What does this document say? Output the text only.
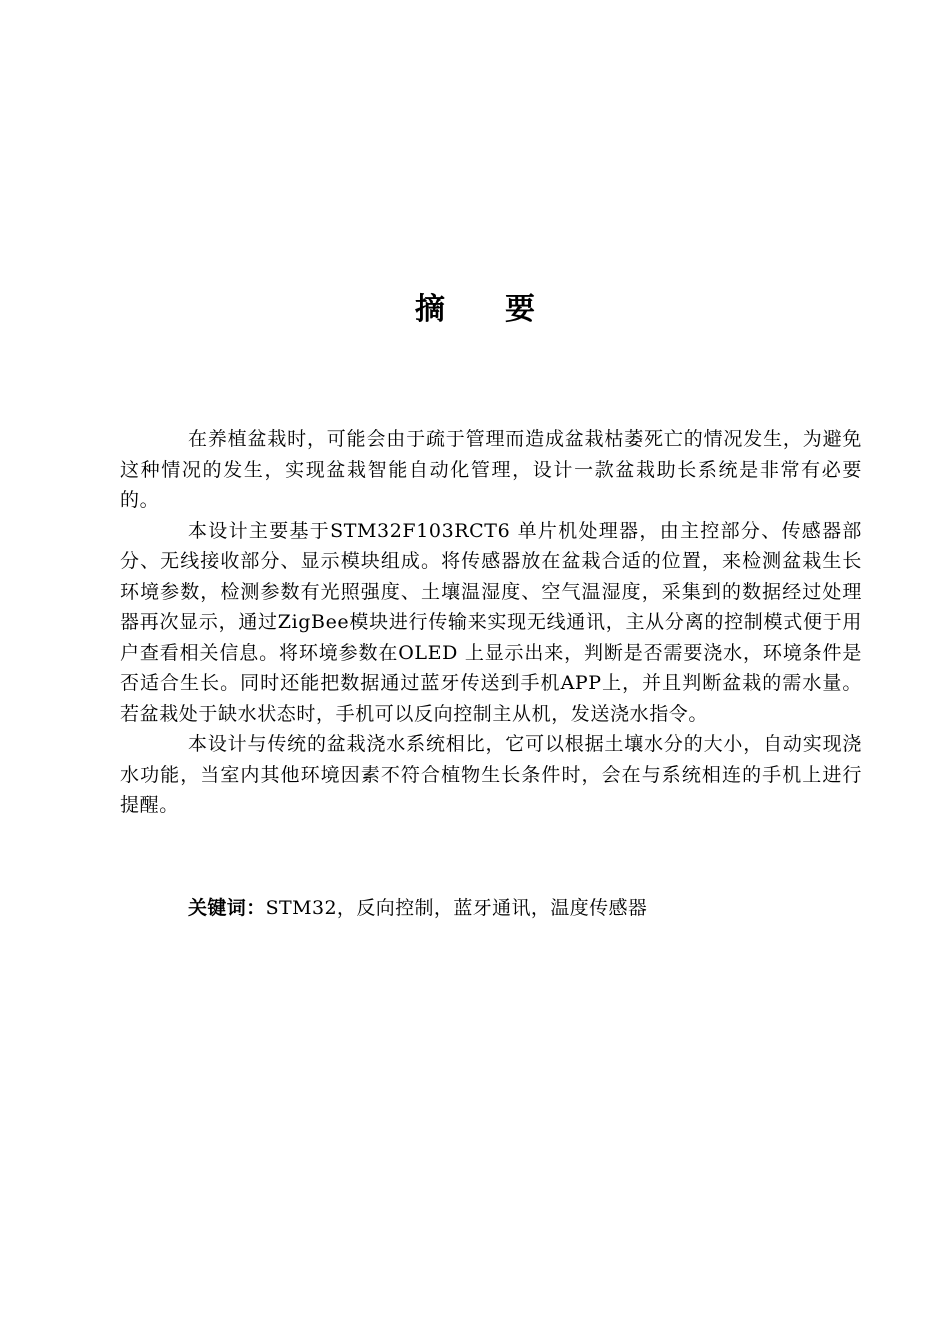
摘要

在养植盆栽时，可能会由于疏于管理而造成盆栽枯萎死亡的情况发生，为避免这种情况的发生，实现盆栽智能自动化管理，设计一款盆栽助长系统是非常有必要的。

本设计主要基于STM32F103RCT6 单片机处理器，由主控部分、传感器部分、无线接收部分、显示模块组成。将传感器放在盆栽合适的位置，来检测盆栽生长环境参数，检测参数有光照强度、土壤温湿度、空气温湿度，采集到的数据经过处理器再次显示，通过ZigBee模块进行传输来实现无线通讯，主从分离的控制模式便于用户查看相关信息。将环境参数在OLED 上显示出来，判断是否需要浇水，环境条件是否适合生长。同时还能把数据通过蓝牙传送到手机APP上，并且判断盆栽的需水量。若盆栽处于缺水状态时，手机可以反向控制主从机，发送浇水指令。

本设计与传统的盆栽浇水系统相比，它可以根据土壤水分的大小，自动实现浇水功能，当室内其他环境因素不符合植物生长条件时，会在与系统相连的手机上进行提醒。

关键词：STM32，反向控制，蓝牙通讯，温度传感器
